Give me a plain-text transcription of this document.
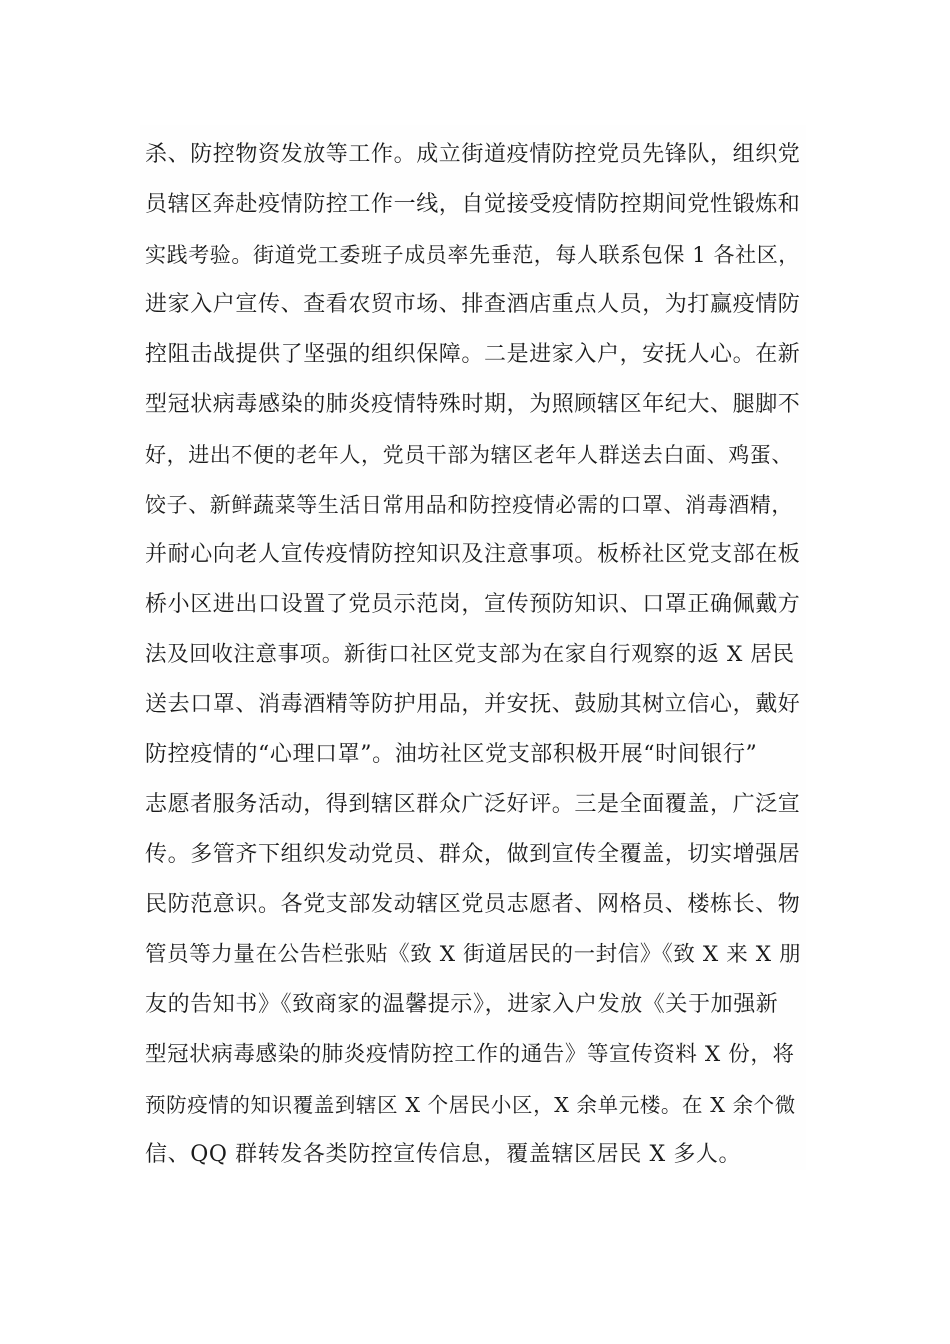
杀、防控物资发放等工作。成立街道疫情防控党员先锋队，组织党
员辖区奔赴疫情防控工作一线，自觉接受疫情防控期间党性锻炼和
实践考验。街道党工委班子成员率先垂范，每人联系包保 1 各社区，
进家入户宣传、查看农贸市场、排查酒店重点人员，为打赢疫情防
控阻击战提供了坚强的组织保障。二是进家入户，安抚人心。在新
型冠状病毒感染的肺炎疫情特殊时期，为照顾辖区年纪大、腿脚不
好，进出不便的老年人，党员干部为辖区老年人群送去白面、鸡蛋、
饺子、新鲜蔬菜等生活日常用品和防控疫情必需的口罩、消毒酒精，
并耐心向老人宣传疫情防控知识及注意事项。板桥社区党支部在板
桥小区进出口设置了党员示范岗，宣传预防知识、口罩正确佩戴方
法及回收注意事项。新街口社区党支部为在家自行观察的返 X 居民
送去口罩、消毒酒精等防护用品，并安抚、鼓励其树立信心，戴好
防控疫情的“心理口罩”。油坊社区党支部积极开展“时间银行”
志愿者服务活动，得到辖区群众广泛好评。三是全面覆盖，广泛宣
传。多管齐下组织发动党员、群众，做到宣传全覆盖，切实增强居
民防范意识。各党支部发动辖区党员志愿者、网格员、楼栋长、物
管员等力量在公告栏张贴《致 X 街道居民的一封信》《致 X 来 X 朋
友的告知书》《致商家的温馨提示》，进家入户发放《关于加强新
型冠状病毒感染的肺炎疫情防控工作的通告》等宣传资料 X 份，将
预防疫情的知识覆盖到辖区 X 个居民小区，X 余单元楼。在 X 余个微
信、QQ 群转发各类防控宣传信息，覆盖辖区居民 X 多人。
